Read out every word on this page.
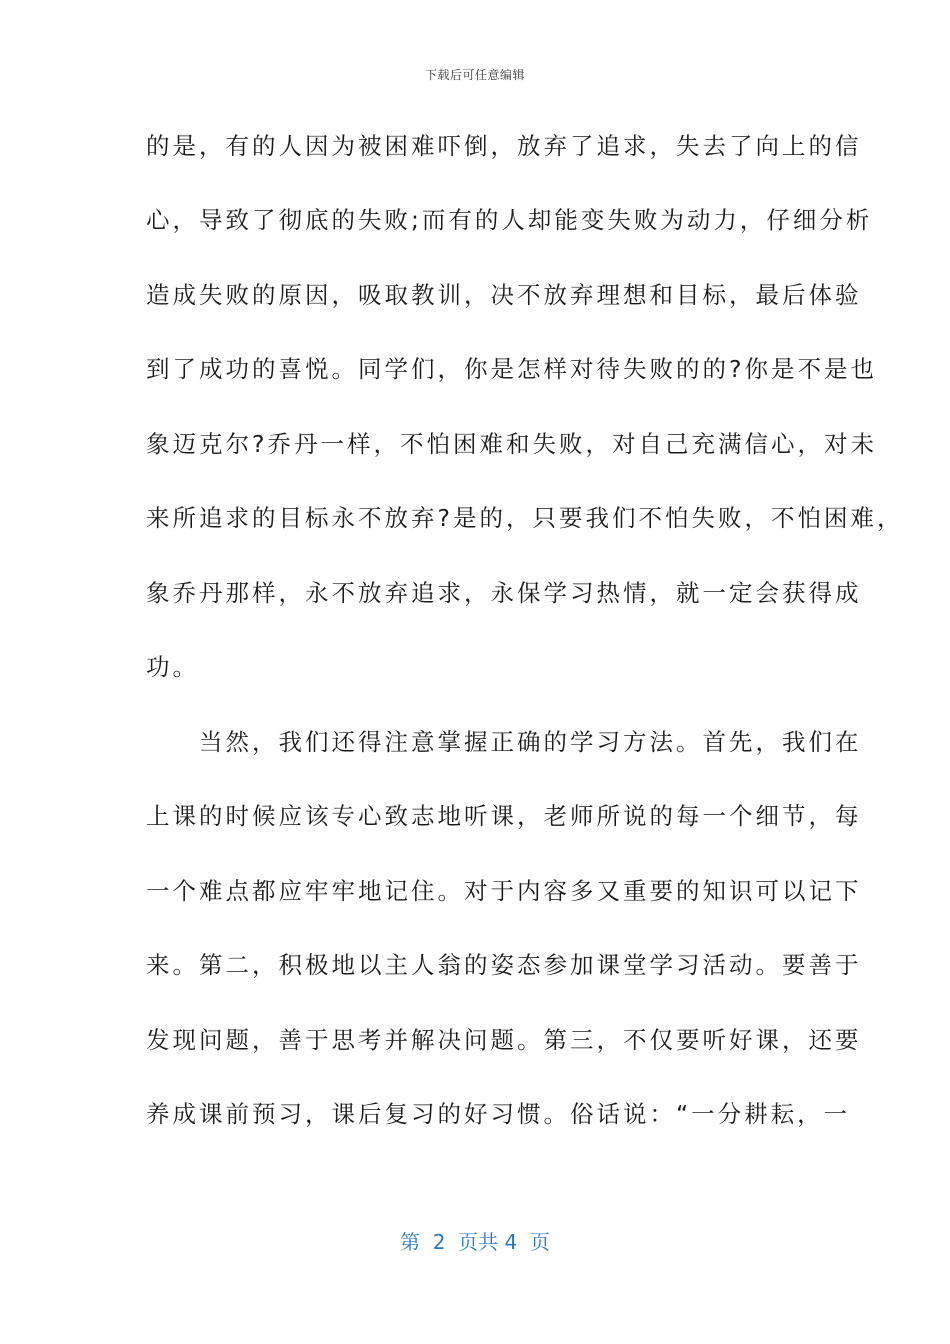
下载后可任意编辑
的是，有的人因为被困难吓倒，放弃了追求，失去了向上的信
心，导致了彻底的失败;而有的人却能变失败为动力，仔细分析
造成失败的原因，吸取教训，决不放弃理想和目标，最后体验
到了成功的喜悦。同学们，你是怎样对待失败的的?你是不是也
象迈克尔?乔丹一样，不怕困难和失败，对自己充满信心，对未
来所追求的目标永不放弃?是的，只要我们不怕失败，不怕困难，
象乔丹那样，永不放弃追求，永保学习热情，就一定会获得成
功。
　　当然，我们还得注意掌握正确的学习方法。首先，我们在
上课的时候应该专心致志地听课，老师所说的每一个细节，每
一个难点都应牢牢地记住。对于内容多又重要的知识可以记下
来。第二，积极地以主人翁的姿态参加课堂学习活动。要善于
发现问题，善于思考并解决问题。第三，不仅要听好课，还要
养成课前预习，课后复习的好习惯。俗话说：“一分耕耘，一
第  2  页共 4  页
